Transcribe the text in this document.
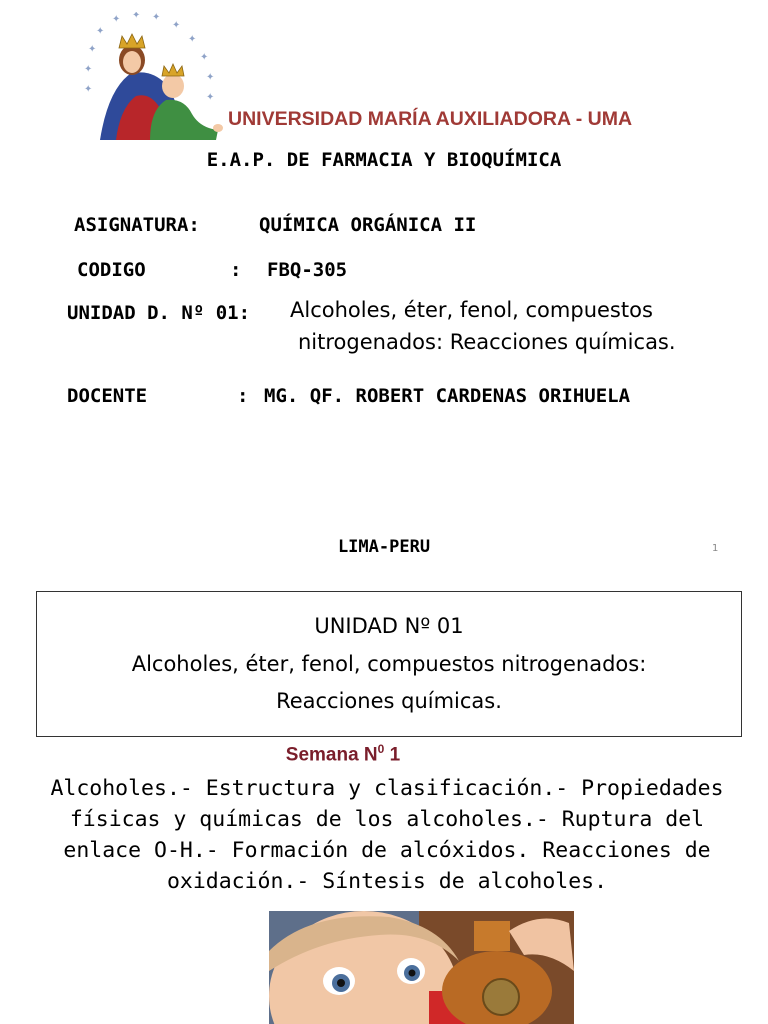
✦
✦
✦ ✦ ✦
✦
✦
✦
✦
✦
✦
✦
UNIVERSIDAD MARÍA AUXILIADORA - UMA
E.A.P. DE FARMACIA Y BIOQUÍMICA
ASIGNATURA:	QUÍMICA ORGÁNICA II
CODIGO	: FBQ-305
UNIDAD D. Nº 01: Alcoholes, éter, fenol, compuestos
nitrogenados: Reacciones químicas.
DOCENTE	: MG. QF. ROBERT CARDENAS ORIHUELA
LIMA-PERU	1
UNIDAD Nº 01
Alcoholes, éter, fenol, compuestos nitrogenados:
Reacciones químicas.
Semana $N^0$ 1
Alcoholes.- Estructura y clasificación.- Propiedades
físicas y químicas de los alcoholes.- Ruptura del
enlace O-H.- Formación de alcóxidos. Reacciones de
oxidación.- Síntesis de alcoholes.
